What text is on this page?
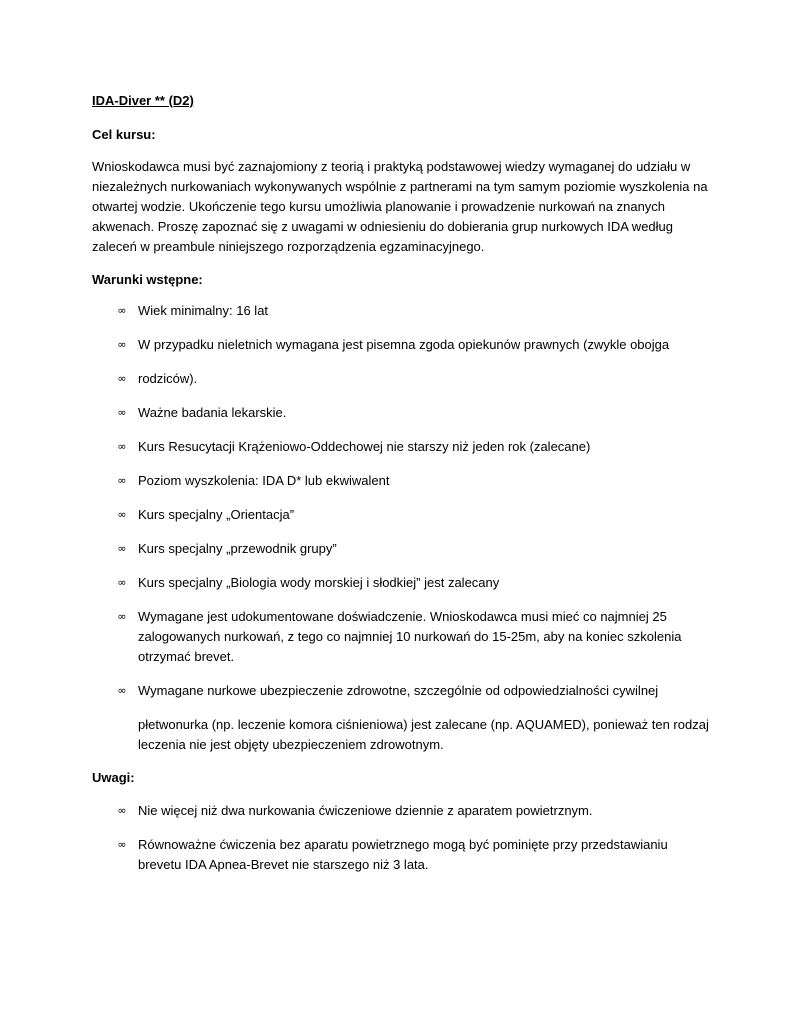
IDA-Diver ** (D2)

Cel kursu:

Wnioskodawca musi być zaznajomiony z teorią i praktyką podstawowej wiedzy wymaganej do udziału w niezależnych nurkowaniach wykonywanych wspólnie z partnerami na tym samym poziomie wyszkolenia na otwartej wodzie. Ukończenie tego kursu umożliwia planowanie i prowadzenie nurkowań na znanych akwenach. Proszę zapoznać się z uwagami w odniesieniu do dobierania grup nurkowych IDA według zaleceń w preambule niniejszego rozporządzenia egzaminacyjnego.

Warunki wstępne:

∞ Wiek minimalny: 16 lat
∞ W przypadku nieletnich wymagana jest pisemna zgoda opiekunów prawnych (zwykle obojga
∞ rodziców).
∞ Ważne badania lekarskie.
∞ Kurs Resucytacji Krążeniowo-Oddechowej nie starszy niż jeden rok (zalecane)
∞ Poziom wyszkolenia: IDA D* lub ekwiwalent
∞ Kurs specjalny „Orientacja”
∞ Kurs specjalny „przewodnik grupy”
∞ Kurs specjalny „Biologia wody morskiej i słodkiej” jest zalecany
∞ Wymagane jest udokumentowane doświadczenie. Wnioskodawca musi mieć co najmniej 25 zalogowanych nurkowań, z tego co najmniej 10 nurkowań do 15-25m, aby na koniec szkolenia otrzymać brevet.
∞ Wymagane nurkowe ubezpieczenie zdrowotne, szczególnie od odpowiedzialności cywilnej
płetwonurka (np. leczenie komora ciśnieniowa) jest zalecane (np. AQUAMED), ponieważ ten rodzaj leczenia nie jest objęty ubezpieczeniem zdrowotnym.

Uwagi:

∞ Nie więcej niż dwa nurkowania ćwiczeniowe dziennie z aparatem powietrznym.
∞ Równoważne ćwiczenia bez aparatu powietrznego mogą być pominięte przy przedstawianiu brevetu IDA Apnea-Brevet nie starszego niż 3 lata.
